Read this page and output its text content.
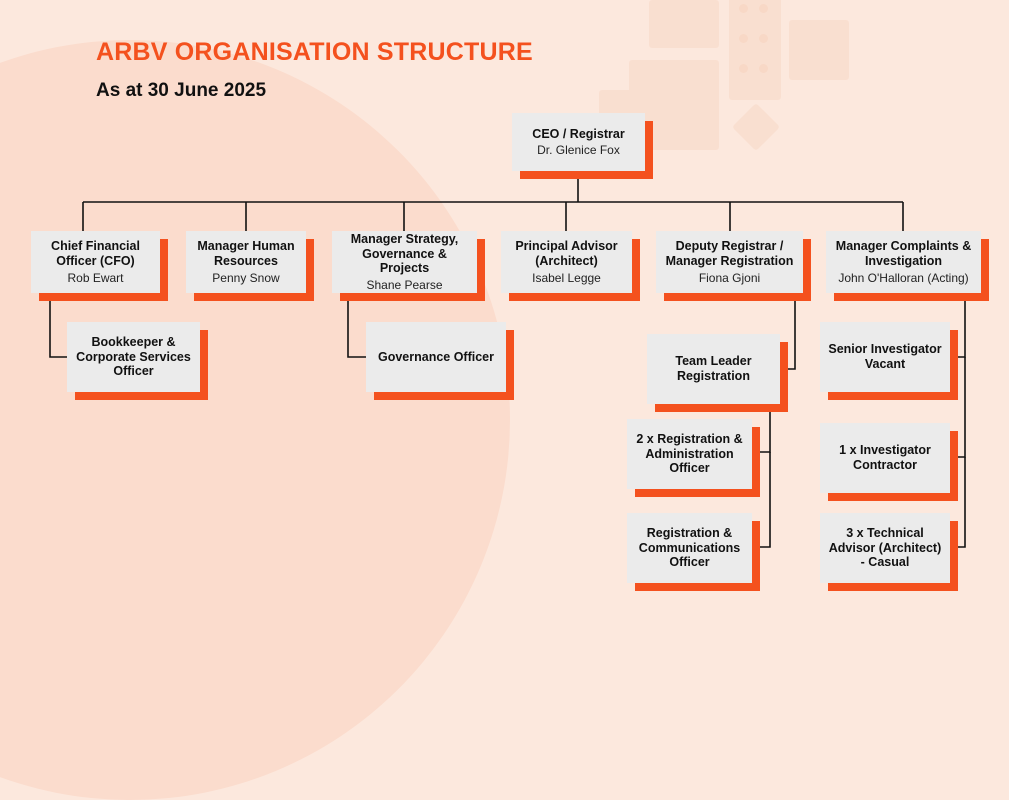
ARBV ORGANISATION STRUCTURE
As at 30 June 2025
CEO / Registrar
Dr. Glenice Fox
Chief Financial Officer (CFO)
Rob Ewart
Manager Human Resources
Penny Snow
Manager Strategy, Governance & Projects
Shane Pearse
Principal Advisor (Architect)
Isabel Legge
Deputy Registrar / Manager Registration
Fiona Gjoni
Manager Complaints & Investigation
John O'Halloran (Acting)
Bookkeeper & Corporate Services Officer
Governance Officer	Team Leader Registration
2 x Registration & Administration Officer
Registration & Communications Officer
Senior Investigator Vacant
1 x Investigator Contractor
3 x Technical Advisor (Architect) - Casual
